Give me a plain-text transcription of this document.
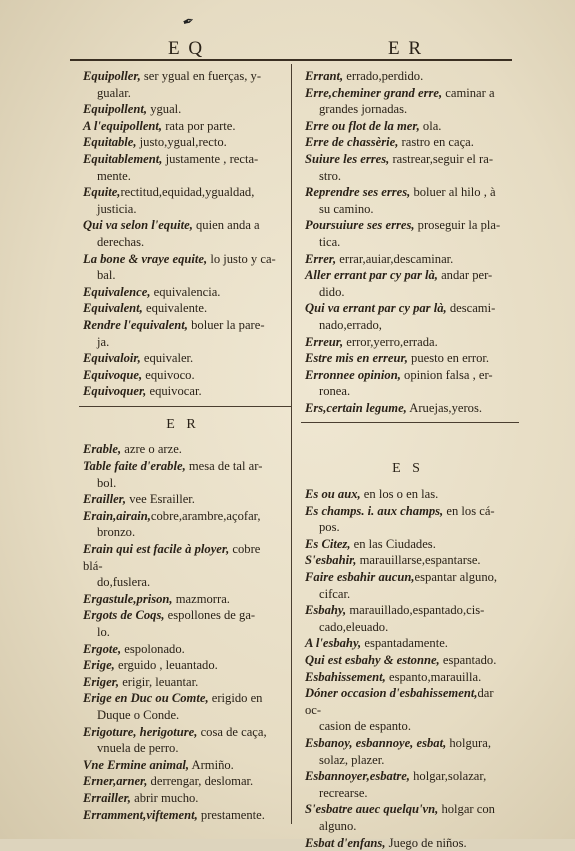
✒
E Q	E R
Equipoller, ser ygual en fuerças, y-
gualar.
Equipollent, ygual.
A l'equipollent, rata por parte.
Equitable, justo,ygual,recto.
Equitablement, justamente , recta-
mente.
Equite,rectitud,equidad,ygualdad,
justicia.
Qui va selon l'equite, quien anda a
derechas.
La bone & vraye equite, lo justo y ca-
bal.
Equivalence, equivalencia.
Equivalent, equivalente.
Rendre l'equivalent, boluer la pare-
ja.
Equivaloir, equivaler.
Equivoque, equivoco.
Equivoquer, equivocar.
E R
Erable, azre o arze.
Table faite d'erable, mesa de tal ar-
bol.
Erailler, vee Esrailler.
Erain,airain,cobre,arambre,açofar,
bronzo.
Erain qui est facile à ployer, cobre blá-
do,fuslera.
Ergastule,prison, mazmorra.
Ergots de Coqs, espollones de ga-
lo.
Ergote, espolonado.
Erige, erguido , leuantado.
Eriger, erigir, leuantar.
Erige en Duc ou Comte, erigido en
Duque o Conde.
Erigoture, herigoture, cosa de caça,
vnuela de perro.
Vne Ermine animal, Armiño.
Erner,arner, derrengar, deslomar.
Errailler, abrir mucho.
Erramment,viftement, prestamente.
Errant, errado,perdido.
Erre,cheminer grand erre, caminar a
grandes jornadas.
Erre ou flot de la mer, ola.
Erre de chassèrie, rastro en caça.
Suiure les erres, rastrear,seguir el ra-
stro.
Reprendre ses erres, boluer al hilo , à
su camino.
Poursuiure ses erres, proseguir la pla-
tica.
Errer, errar,auiar,descaminar.
Aller errant par cy par là, andar per-
dido.
Qui va errant par cy par là, descami-
nado,errado,
Erreur, error,yerro,errada.
Estre mis en erreur, puesto en error.
Erronnee opinion, opinion falsa , er-
ronea.
Ers,certain legume, Aruejas,yeros.
E S
Es ou aux, en los o en las.
Es champs. i. aux champs, en los cá-
pos.
Es Citez, en las Ciudades.
S'esbahir, marauillarse,espantarse.
Faire esbahir aucun,espantar alguno,
cifcar.
Esbahy, marauillado,espantado,cis-
cado,eleuado.
A l'esbahy, espantadamente.
Qui est esbahy & estonne, espantado.
Esbahissement, espanto,marauilla.
Dóner occasion d'esbahissement,dar oc-
casion de espanto.
Esbanoy, esbannoye, esbat, holgura,
solaz, plazer.
Esbannoyer,esbatre, holgar,solazar,
recrearse.
S'esbatre auec quelqu'vn, holgar con
alguno.
Esbat d'enfans, Juego de niños.
